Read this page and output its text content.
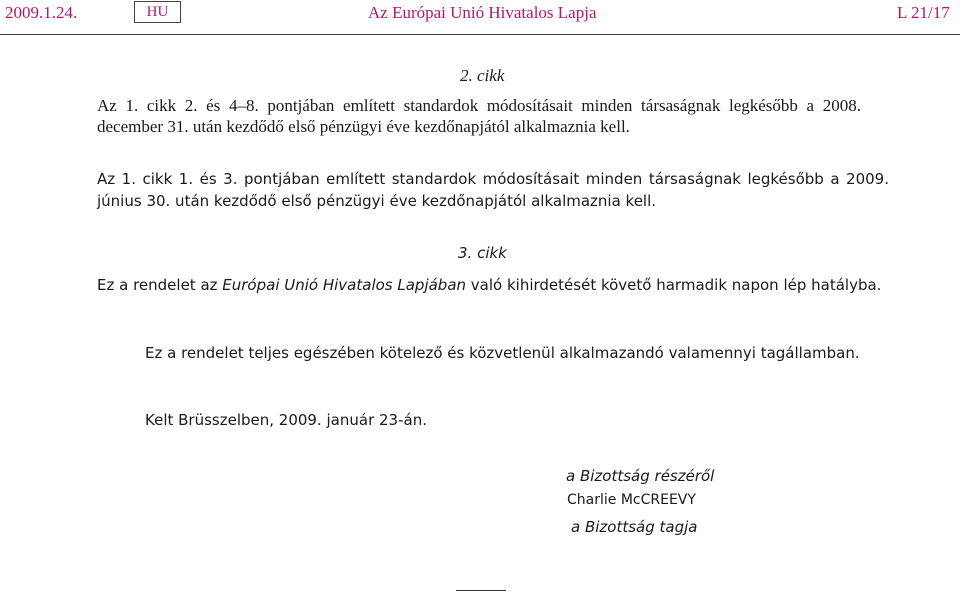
2009.1.24.	HU	Az Európai Unió Hivatalos Lapja	L 21/17
2. cikk
Az 1. cikk 2. és 4–8. pontjában említett standardok módosításait minden társaságnak legkésőbb a 2008. december 31. után kezdődő első pénzügyi éve kezdőnapjától alkalmaznia kell.
Az 1. cikk 1. és 3. pontjában említett standardok módosításait minden társaságnak legkésőbb a 2009. június 30. után kezdődő első pénzügyi éve kezdőnapjától alkalmaznia kell.
3. cikk
Ez a rendelet az Európai Unió Hivatalos Lapjában való kihirdetését követő harmadik napon lép hatályba.
Ez a rendelet teljes egészében kötelező és közvetlenül alkalmazandó valamennyi tagállamban.
Kelt Brüsszelben, 2009. január 23-án.
a Bizottság részéről
Charlie McCREEVY
a Bizottság tagja
